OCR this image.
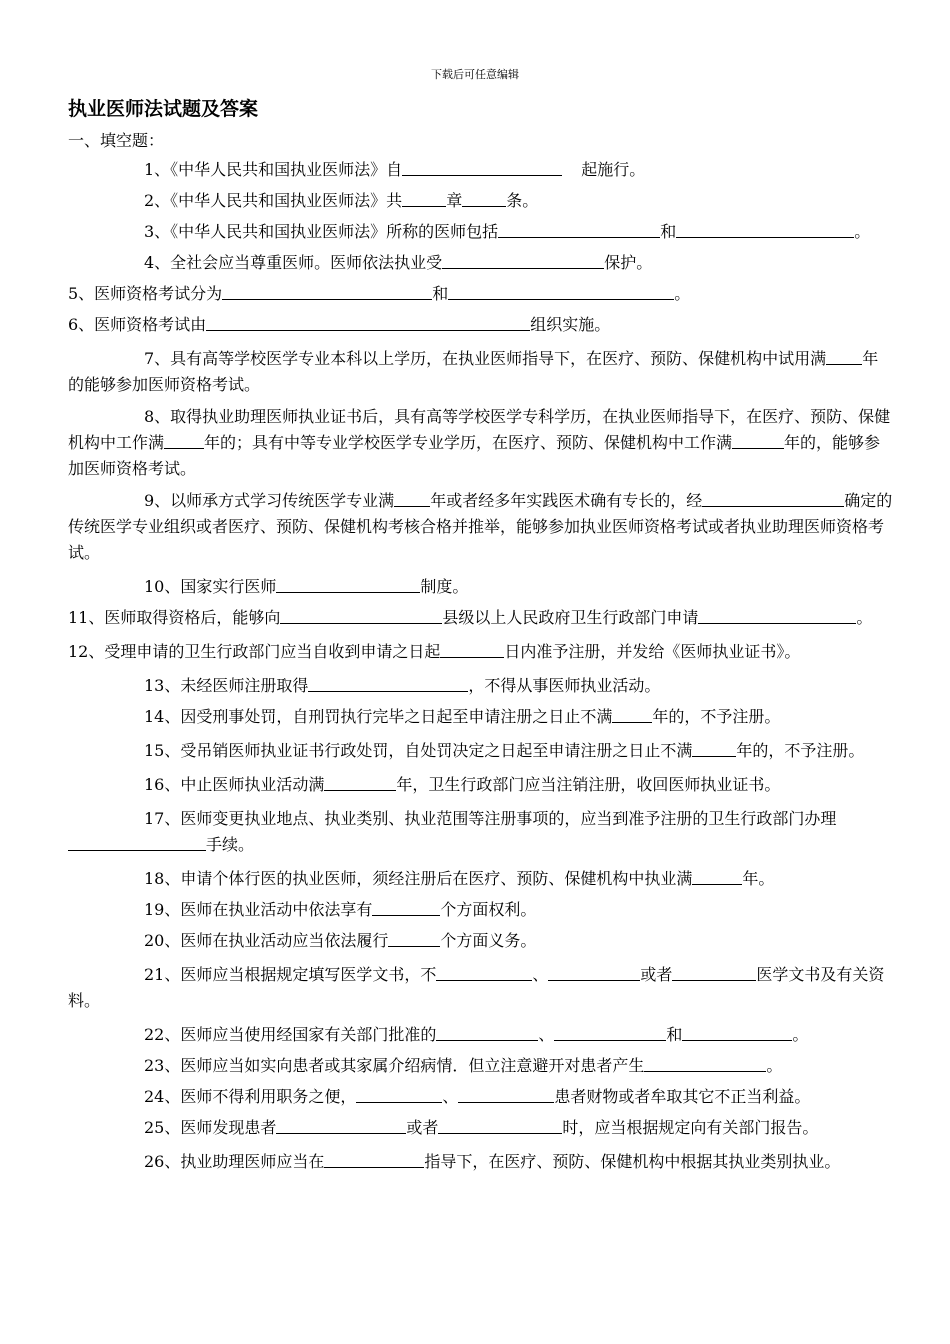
下载后可任意编辑
执业医师法试题及答案
一、填空题：

1、《中华人民共和国执业医师法》自	起施行。

2、《中华人民共和国执业医师法》共	章	条。

3、《中华人民共和国执业医师法》所称的医师包括	和	。

4、全社会应当尊重医师。医师依法执业受	保护。

5、医师资格考试分为	和	。

6、医师资格考试由	组织实施。

7、具有高等学校医学专业本科以上学历，在执业医师指导下，在医疗、预防、保健机构中试用满 年的能够参加医师资格考试。

8、取得执业助理医师执业证书后，具有高等学校医学专科学历，在执业医师指导下，在医疗、预防、保健机构中工作满	年的；具有中等专业学校医学专业学历，在医疗、预防、保健机构中工作满	年的，能够参加医师资格考试。

9、以师承方式学习传统医学专业满 年或者经多年实践医术确有专长的，经	确定的传统医学专业组织或者医疗、预防、保健机构考核合格并推举，能够参加执业医师资格考试或者执业助理医师资格考试。

10、国家实行医师	制度。

11、医师取得资格后，能够向	县级以上人民政府卫生行政部门申请	。

12、受理申请的卫生行政部门应当自收到申请之日起	日内准予注册，并发给《医师执业证书》。

13、未经医师注册取得	，不得从事医师执业活动。

14、因受刑事处罚，自刑罚执行完毕之日起至申请注册之日止不满	年的，不予注册。

15、受吊销医师执业证书行政处罚，自处罚决定之日起至申请注册之日止不满	年的，不予注册。

16、中止医师执业活动满	年，卫生行政部门应当注销注册，收回医师执业证书。

17、医师变更执业地点、执业类别、执业范围等注册事项的，应当到准予注册的卫生行政部门办理手续。

18、申请个体行医的执业医师，须经注册后在医疗、预防、保健机构中执业满	年。

19、医师在执业活动中依法享有	个方面权利。

20、医师在执业活动应当依法履行	个方面义务。

21、医师应当根据规定填写医学文书，不	、	或者	医学文书及有关资料。

22、医师应当使用经国家有关部门批准的	、	和	。

23、医师应当如实向患者或其家属介绍病情．但立注意避开对患者产生	。

24、医师不得利用职务之便，	、	患者财物或者牟取其它不正当利益。

25、医师发现患者	或者	时，应当根据规定向有关部门报告。

26、执业助理医师应当在	指导下，在医疗、预防、保健机构中根据其执业类别执业。
